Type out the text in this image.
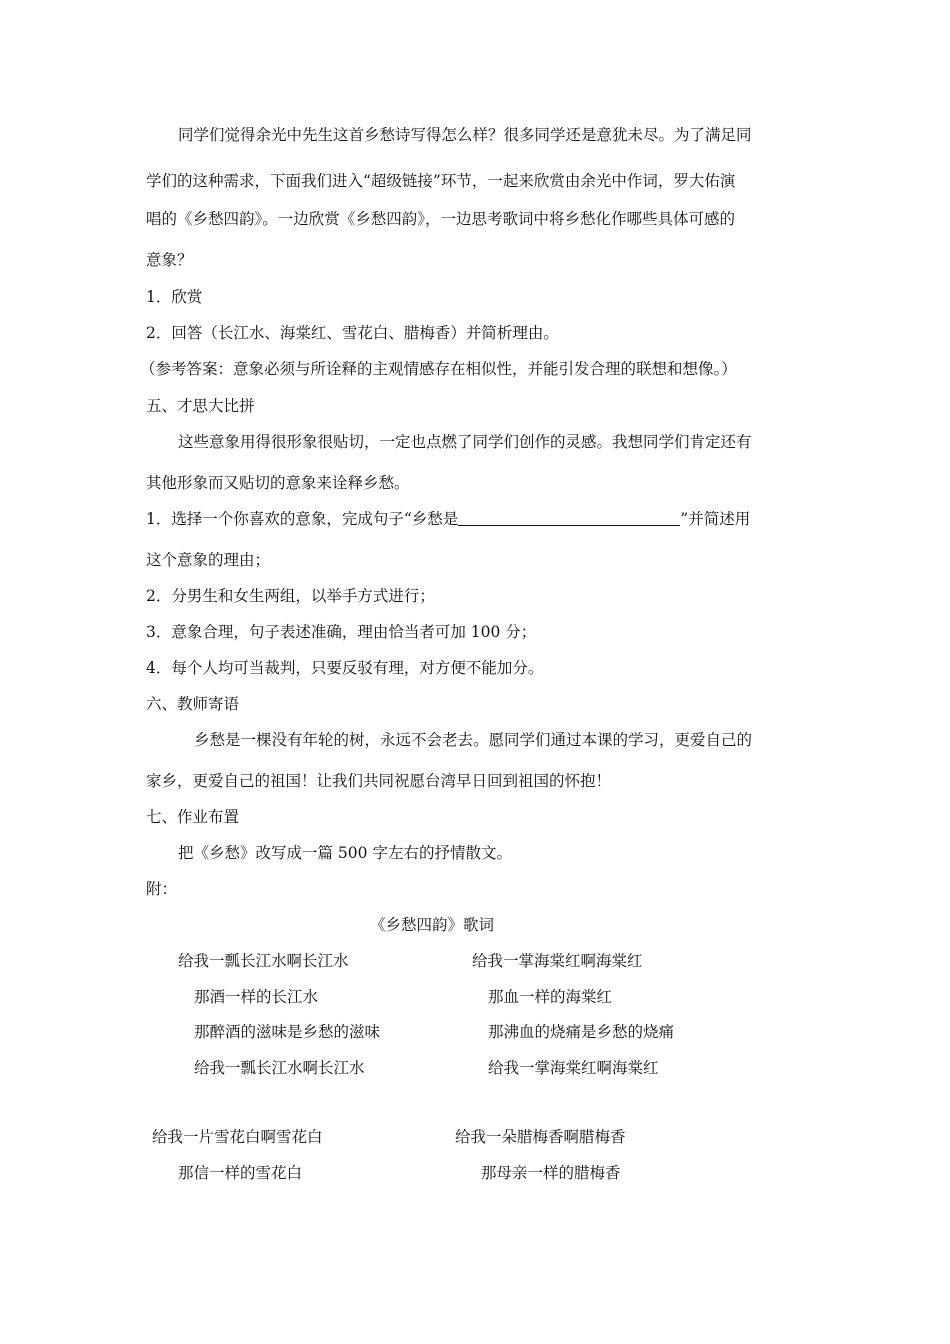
同学们觉得余光中先生这首乡愁诗写得怎么样？很多同学还是意犹未尽。为了满足同
学们的这种需求，下面我们进入“超级链接”环节，一起来欣赏由余光中作词，罗大佑演
唱的《乡愁四韵》。一边欣赏《乡愁四韵》，一边思考歌词中将乡愁化作哪些具体可感的
意象？
1．欣赏
2．回答（长江水、海棠红、雪花白、腊梅香）并简析理由。
（参考答案：意象必须与所诠释的主观情感存在相似性，并能引发合理的联想和想像。）
五、才思大比拼
这些意象用得很形象很贴切，一定也点燃了同学们创作的灵感。我想同学们肯定还有
其他形象而又贴切的意象来诠释乡愁。
1．选择一个你喜欢的意象，完成句子“乡愁是	”并简述用
这个意象的理由；
2．分男生和女生两组，以举手方式进行；
3．意象合理，句子表述准确，理由恰当者可加 100 分；
4．每个人均可当裁判，只要反驳有理，对方便不能加分。
六、教师寄语
乡愁是一棵没有年轮的树，永远不会老去。愿同学们通过本课的学习，更爱自己的
家乡，更爱自己的祖国！让我们共同祝愿台湾早日回到祖国的怀抱！
七、作业布置
把《乡愁》改写成一篇 500 字左右的抒情散文。
附：
《乡愁四韵》歌词
给我一瓢长江水啊长江水	给我一掌海棠红啊海棠红
那酒一样的长江水	那血一样的海棠红
那醉酒的滋味是乡愁的滋味	那沸血的烧痛是乡愁的烧痛
给我一瓢长江水啊长江水	给我一掌海棠红啊海棠红
给我一片雪花白啊雪花白	给我一朵腊梅香啊腊梅香
那信一样的雪花白	那母亲一样的腊梅香
